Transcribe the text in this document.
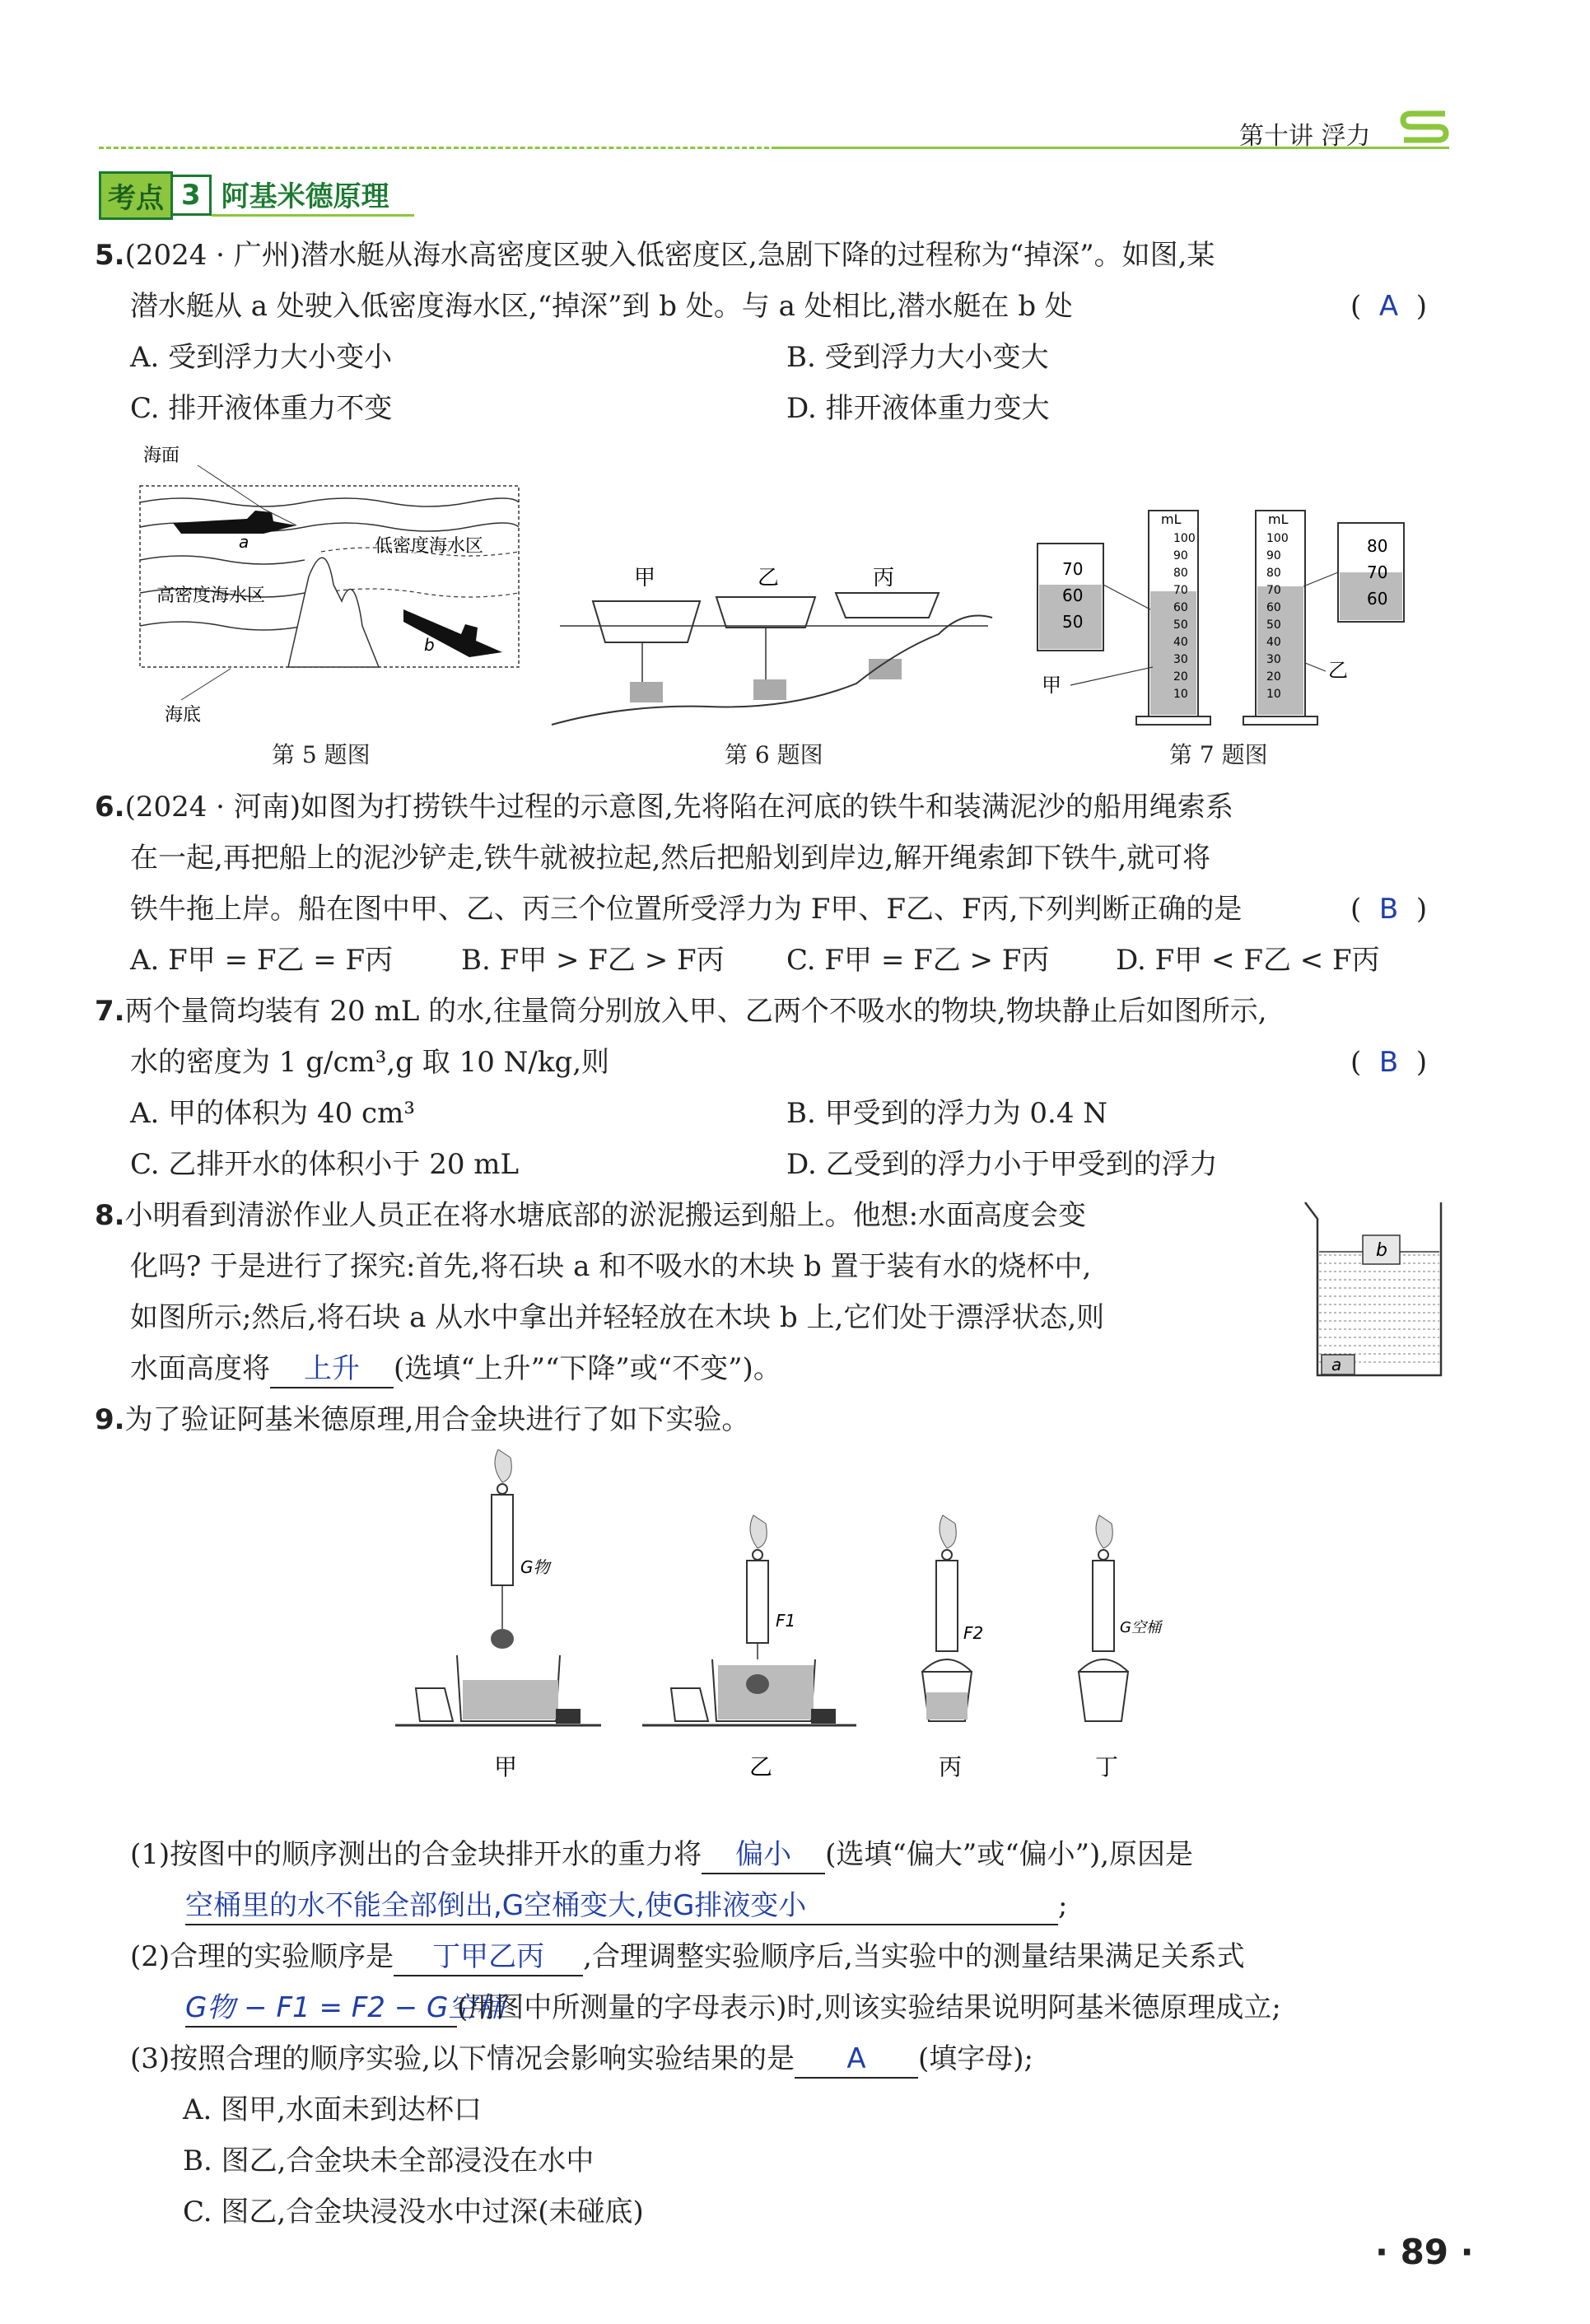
第十讲 浮力
考点 3 阿基米德原理
5.(2024 · 广州)潜水艇从海水高密度区驶入低密度区,急剧下降的过程称为“掉深”。如图,某
潜水艇从 a 处驶入低密度海水区,“掉深”到 b 处。与 a 处相比,潜水艇在 b 处	(  A  )
A. 受到浮力大小变小	B. 受到浮力大小变大
C. 排开液体重力不变	D. 排开液体重力变大
海面
低密度海水区
高密度海水区
a
b
海底
第 5 题图
甲	乙	丙
第 6 题图
mL
100
90
80
70
60
50
40
30
20
10
70
60
50
甲
mL
100
90
80
70
60
50
40
30
20
10
80
70
60
乙
第 7 题图
6.(2024 · 河南)如图为打捞铁牛过程的示意图,先将陷在河底的铁牛和装满泥沙的船用绳索系
在一起,再把船上的泥沙铲走,铁牛就被拉起,然后把船划到岸边,解开绳索卸下铁牛,就可将
铁牛拖上岸。船在图中甲、乙、丙三个位置所受浮力为 F甲、F乙、F丙,下列判断正确的是	(  B  )
A. F甲 = F乙 = F丙 B. F甲 > F乙 > F丙 C. F甲 = F乙 > F丙 D. F甲 < F乙 < F丙
7.两个量筒均装有 20 mL 的水,往量筒分别放入甲、乙两个不吸水的物块,物块静止后如图所示,
水的密度为 1 g/cm³,g 取 10 N/kg,则	(  B  )
A. 甲的体积为 40 cm³	B. 甲受到的浮力为 0.4 N
C. 乙排开水的体积小于 20 mL	D. 乙受到的浮力小于甲受到的浮力
8.小明看到清淤作业人员正在将水塘底部的淤泥搬运到船上。他想:水面高度会变
化吗? 于是进行了探究:首先,将石块 a 和不吸水的木块 b 置于装有水的烧杯中,
如图所示;然后,将石块 a 从水中拿出并轻轻放在木块 b 上,它们处于漂浮状态,则
水面高度将 上升 (选填“上升”“下降”或“不变”)。
b
a
9.为了验证阿基米德原理,用合金块进行了如下实验。
G物
甲
F1
乙
F2
丙
G空桶
丁
(1)按图中的顺序测出的合金块排开水的重力将 偏小 (选填“偏大”或“偏小”),原因是
空桶里的水不能全部倒出,G空桶变大,使G排液变小	;
(2)合理的实验顺序是 丁甲乙丙 ,合理调整实验顺序后,当实验中的测量结果满足关系式
G物 − F1 = F2 − G空桶(用图中所测量的字母表示)时,则该实验结果说明阿基米德原理成立;
(3)按照合理的顺序实验,以下情况会影响实验结果的是 A (填字母);
A. 图甲,水面未到达杯口
B. 图乙,合金块未全部浸没在水中
C. 图乙,合金块浸没水中过深(未碰底)
· 89 ·
